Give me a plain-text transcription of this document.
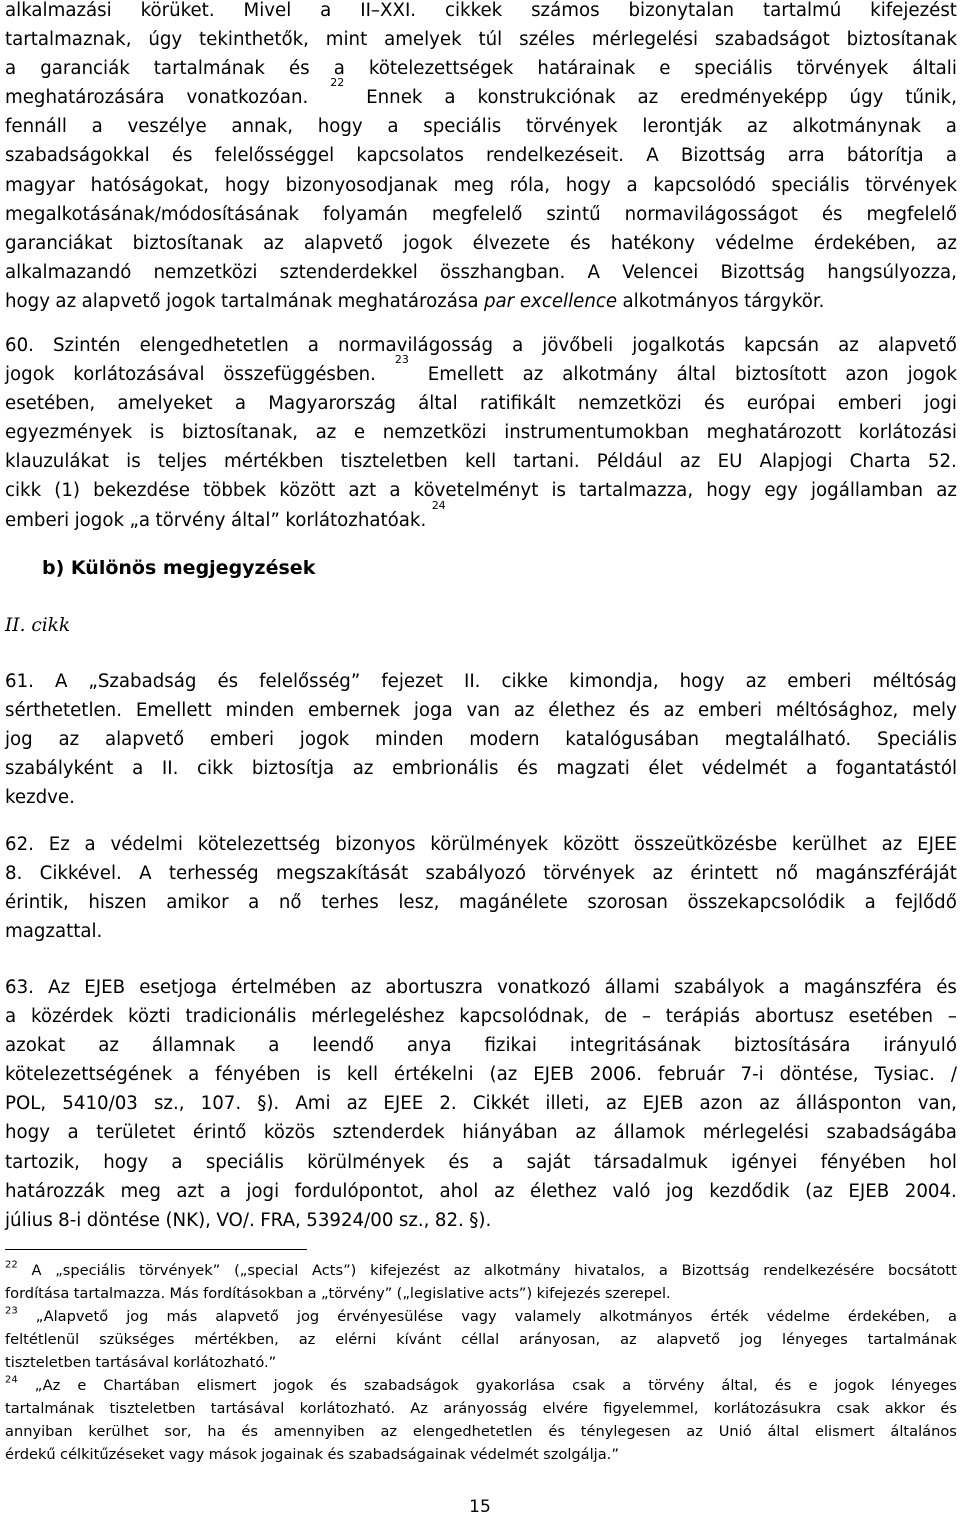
alkalmazási körüket. Mivel a II–XXI. cikkek számos bizonytalan tartalmú kifejezést
tartalmaznak, úgy tekinthetők, mint amelyek túl széles mérlegelési szabadságot biztosítanak
a garanciák tartalmának és a kötelezettségek határainak e speciális törvények általi
meghatározására vonatkozóan.
22
Ennek a konstrukciónak az eredményeképp úgy tűnik,
fennáll a veszélye annak, hogy a speciális törvények lerontják az alkotmánynak a
szabadságokkal és felelősséggel kapcsolatos rendelkezéseit. A Bizottság arra bátorítja a
magyar hatóságokat, hogy bizonyosodjanak meg róla, hogy a kapcsolódó speciális törvények
megalkotásának/módosításának folyamán megfelelő szintű normavilágosságot és megfelelő
garanciákat biztosítanak az alapvető jogok élvezete és hatékony védelme érdekében, az
alkalmazandó nemzetközi sztenderdekkel összhangban. A Velencei Bizottság hangsúlyozza,
hogy az alapvető jogok tartalmának meghatározása par excellence alkotmányos tárgykör.
60. Szintén elengedhetetlen a normavilágosság a jövőbeli jogalkotás kapcsán az alapvető
jogok korlátozásával összefüggésben.
23
Emellett az alkotmány által biztosított azon jogok
esetében, amelyeket a Magyarország által ratifikált nemzetközi és európai emberi jogi
egyezmények is biztosítanak, az e nemzetközi instrumentumokban meghatározott korlátozási
klauzulákat is teljes mértékben tiszteletben kell tartani. Például az EU Alapjogi Charta 52.
cikk (1) bekezdése többek között azt a követelményt is tartalmazza, hogy egy jogállamban az
emberi jogok „a törvény által” korlátozhatóak.
24
b) Különös megjegyzések
II. cikk
61. A „Szabadság és felelősség” fejezet II. cikke kimondja, hogy az emberi méltóság
sérthetetlen. Emellett minden embernek joga van az élethez és az emberi méltósághoz, mely
jog az alapvető emberi jogok minden modern katalógusában megtalálható. Speciális
szabályként a II. cikk biztosítja az embrionális és magzati élet védelmét a fogantatástól
kezdve.
62. Ez a védelmi kötelezettség bizonyos körülmények között összeütközésbe kerülhet az EJEE
8. Cikkével. A terhesség megszakítását szabályozó törvények az érintett nő magánszféráját
érintik, hiszen amikor a nő terhes lesz, magánélete szorosan összekapcsolódik a fejlődő
magzattal.
63. Az EJEB esetjoga értelmében az abortuszra vonatkozó állami szabályok a magánszféra és
a közérdek közti tradicionális mérlegeléshez kapcsolódnak, de – terápiás abortusz esetében –
azokat az államnak a leendő anya fizikai integritásának biztosítására irányuló
kötelezettségének a fényében is kell értékelni (az EJEB 2006. február 7-i döntése, Tysiac. /
POL, 5410/03 sz., 107. §). Ami az EJEE 2. Cikkét illeti, az EJEB azon az állásponton van,
hogy a területet érintő közös sztenderdek hiányában az államok mérlegelési szabadságába
tartozik, hogy a speciális körülmények és a saját társadalmuk igényei fényében hol
határozzák meg azt a jogi fordulópontot, ahol az élethez való jog kezdődik (az EJEB 2004.
július 8-i döntése (NK), VO/. FRA, 53924/00 sz., 82. §).
$^{22}$ A „speciális törvények” („special Acts”) kifejezést az alkotmány hivatalos, a Bizottság rendelkezésére bocsátott
fordítása tartalmazza. Más fordításokban a „törvény” („legislative acts”) kifejezés szerepel.
$^{23}$ „Alapvető jog más alapvető jog érvényesülése vagy valamely alkotmányos érték védelme érdekében, a
feltétlenül szükséges mértékben, az elérni kívánt céllal arányosan, az alapvető jog lényeges tartalmának
tiszteletben tartásával korlátozható.”
$^{24}$ „Az e Chartában elismert jogok és szabadságok gyakorlása csak a törvény által, és e jogok lényeges
tartalmának tiszteletben tartásával korlátozható. Az arányosság elvére figyelemmel, korlátozásukra csak akkor és
annyiban kerülhet sor, ha és amennyiben az elengedhetetlen és ténylegesen az Unió által elismert általános
érdekű célkitűzéseket vagy mások jogainak és szabadságainak védelmét szolgálja.”
15
